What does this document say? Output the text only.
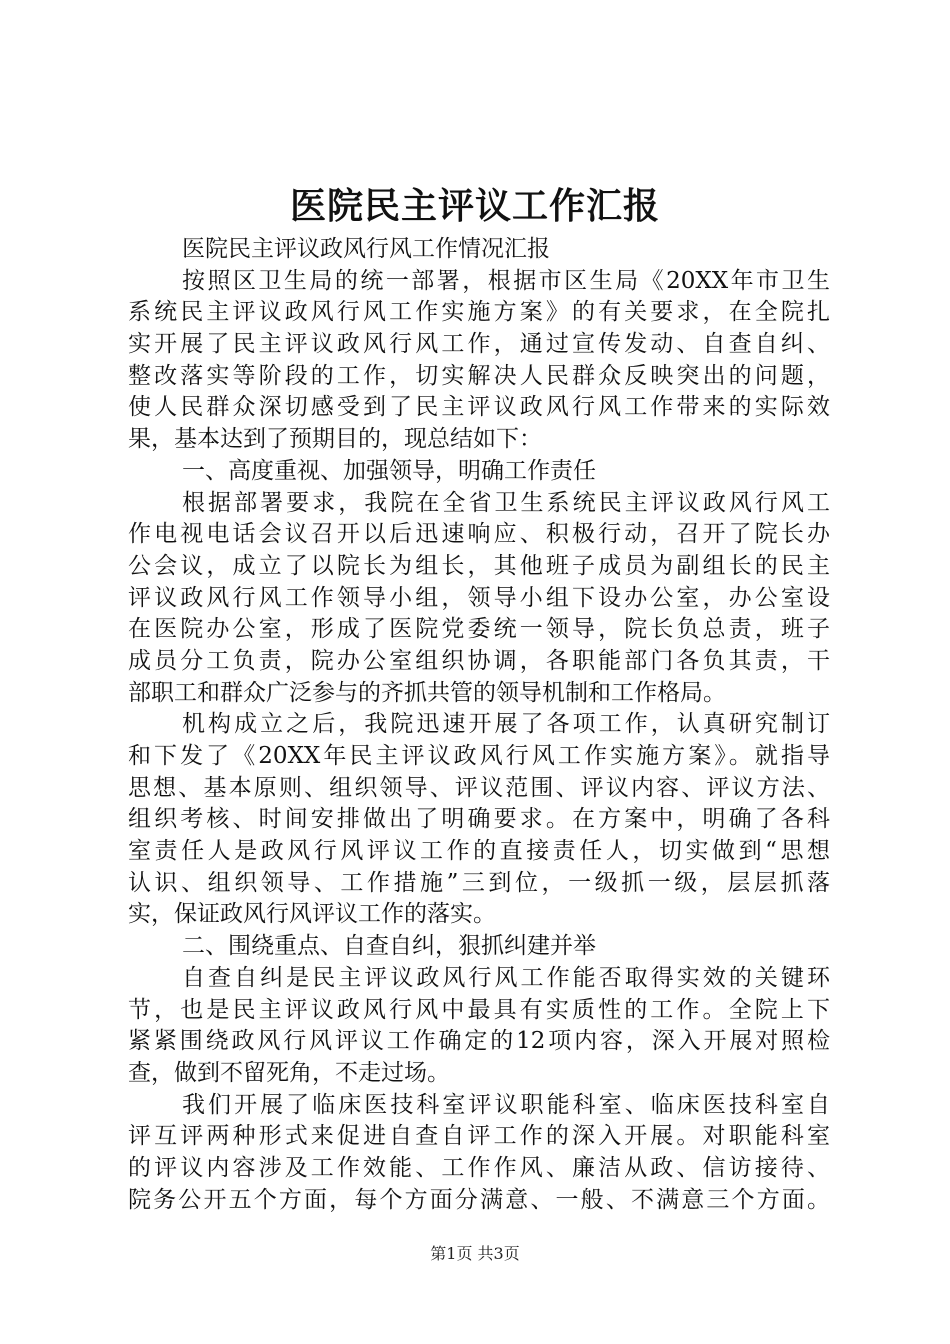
医院民主评议工作汇报
医院民主评议政风行风工作情况汇报
按照区卫生局的统一部署，根据市区生局《20XX年市卫生
系统民主评议政风行风工作实施方案》的有关要求，在全院扎
实开展了民主评议政风行风工作，通过宣传发动、自查自纠、
整改落实等阶段的工作，切实解决人民群众反映突出的问题，
使人民群众深切感受到了民主评议政风行风工作带来的实际效
果，基本达到了预期目的，现总结如下：
一、高度重视、加强领导，明确工作责任
根据部署要求，我院在全省卫生系统民主评议政风行风工
作电视电话会议召开以后迅速响应、积极行动，召开了院长办
公会议，成立了以院长为组长，其他班子成员为副组长的民主
评议政风行风工作领导小组，领导小组下设办公室，办公室设
在医院办公室，形成了医院党委统一领导，院长负总责，班子
成员分工负责，院办公室组织协调，各职能部门各负其责，干
部职工和群众广泛参与的齐抓共管的领导机制和工作格局。
机构成立之后，我院迅速开展了各项工作，认真研究制订
和下发了《20XX年民主评议政风行风工作实施方案》。就指导
思想、基本原则、组织领导、评议范围、评议内容、评议方法、
组织考核、时间安排做出了明确要求。在方案中，明确了各科
室责任人是政风行风评议工作的直接责任人，切实做到“思想
认识、组织领导、工作措施”三到位，一级抓一级，层层抓落
实，保证政风行风评议工作的落实。
二、围绕重点、自查自纠，狠抓纠建并举
自查自纠是民主评议政风行风工作能否取得实效的关键环
节，也是民主评议政风行风中最具有实质性的工作。全院上下
紧紧围绕政风行风评议工作确定的12项内容，深入开展对照检
查，做到不留死角，不走过场。
我们开展了临床医技科室评议职能科室、临床医技科室自
评互评两种形式来促进自查自评工作的深入开展。对职能科室
的评议内容涉及工作效能、工作作风、廉洁从政、信访接待、
院务公开五个方面，每个方面分满意、一般、不满意三个方面。
第1页 共3页
